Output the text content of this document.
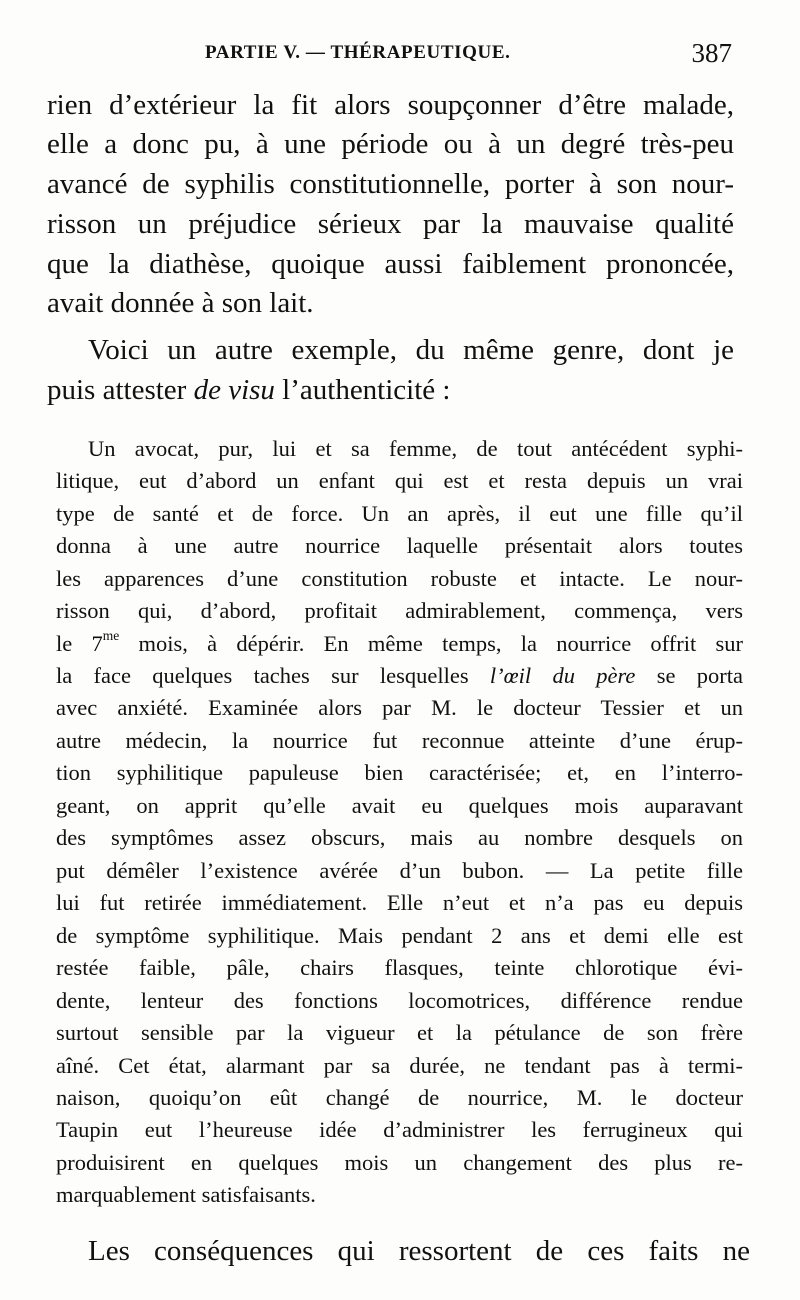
PARTIE V. — THÉRAPEUTIQUE.	387
rien d’extérieur la fit alors soupçonner d’être malade,
elle a donc pu, à une période ou à un degré très-peu
avancé de syphilis constitutionnelle, porter à son nour-
risson un préjudice sérieux par la mauvaise qualité
que la diathèse, quoique aussi faiblement prononcée,
avait donnée à son lait.
Voici un autre exemple, du même genre, dont je
puis attester de visu l’authenticité :
Un avocat, pur, lui et sa femme, de tout antécédent syphi-
litique, eut d’abord un enfant qui est et resta depuis un vrai
type de santé et de force. Un an après, il eut une fille qu’il
donna à une autre nourrice laquelle présentait alors toutes
les apparences d’une constitution robuste et intacte. Le nour-
risson qui, d’abord, profitait admirablement, commença, vers
le $7^{me}$ mois, à dépérir. En même temps, la nourrice offrit sur
la face quelques taches sur lesquelles l’œil du père se porta
avec anxiété. Examinée alors par M. le docteur Tessier et un
autre médecin, la nourrice fut reconnue atteinte d’une érup-
tion syphilitique papuleuse bien caractérisée; et, en l’interro-
geant, on apprit qu’elle avait eu quelques mois auparavant
des symptômes assez obscurs, mais au nombre desquels on
put démêler l’existence avérée d’un bubon. — La petite fille
lui fut retirée immédiatement. Elle n’eut et n’a pas eu depuis
de symptôme syphilitique. Mais pendant 2 ans et demi elle est
restée faible, pâle, chairs flasques, teinte chlorotique évi-
dente, lenteur des fonctions locomotrices, différence rendue
surtout sensible par la vigueur et la pétulance de son frère
aîné. Cet état, alarmant par sa durée, ne tendant pas à termi-
naison, quoiqu’on eût changé de nourrice, M. le docteur
Taupin eut l’heureuse idée d’administrer les ferrugineux qui
produisirent en quelques mois un changement des plus re-
marquablement satisfaisants.
Les conséquences qui ressortent de ces faits ne
